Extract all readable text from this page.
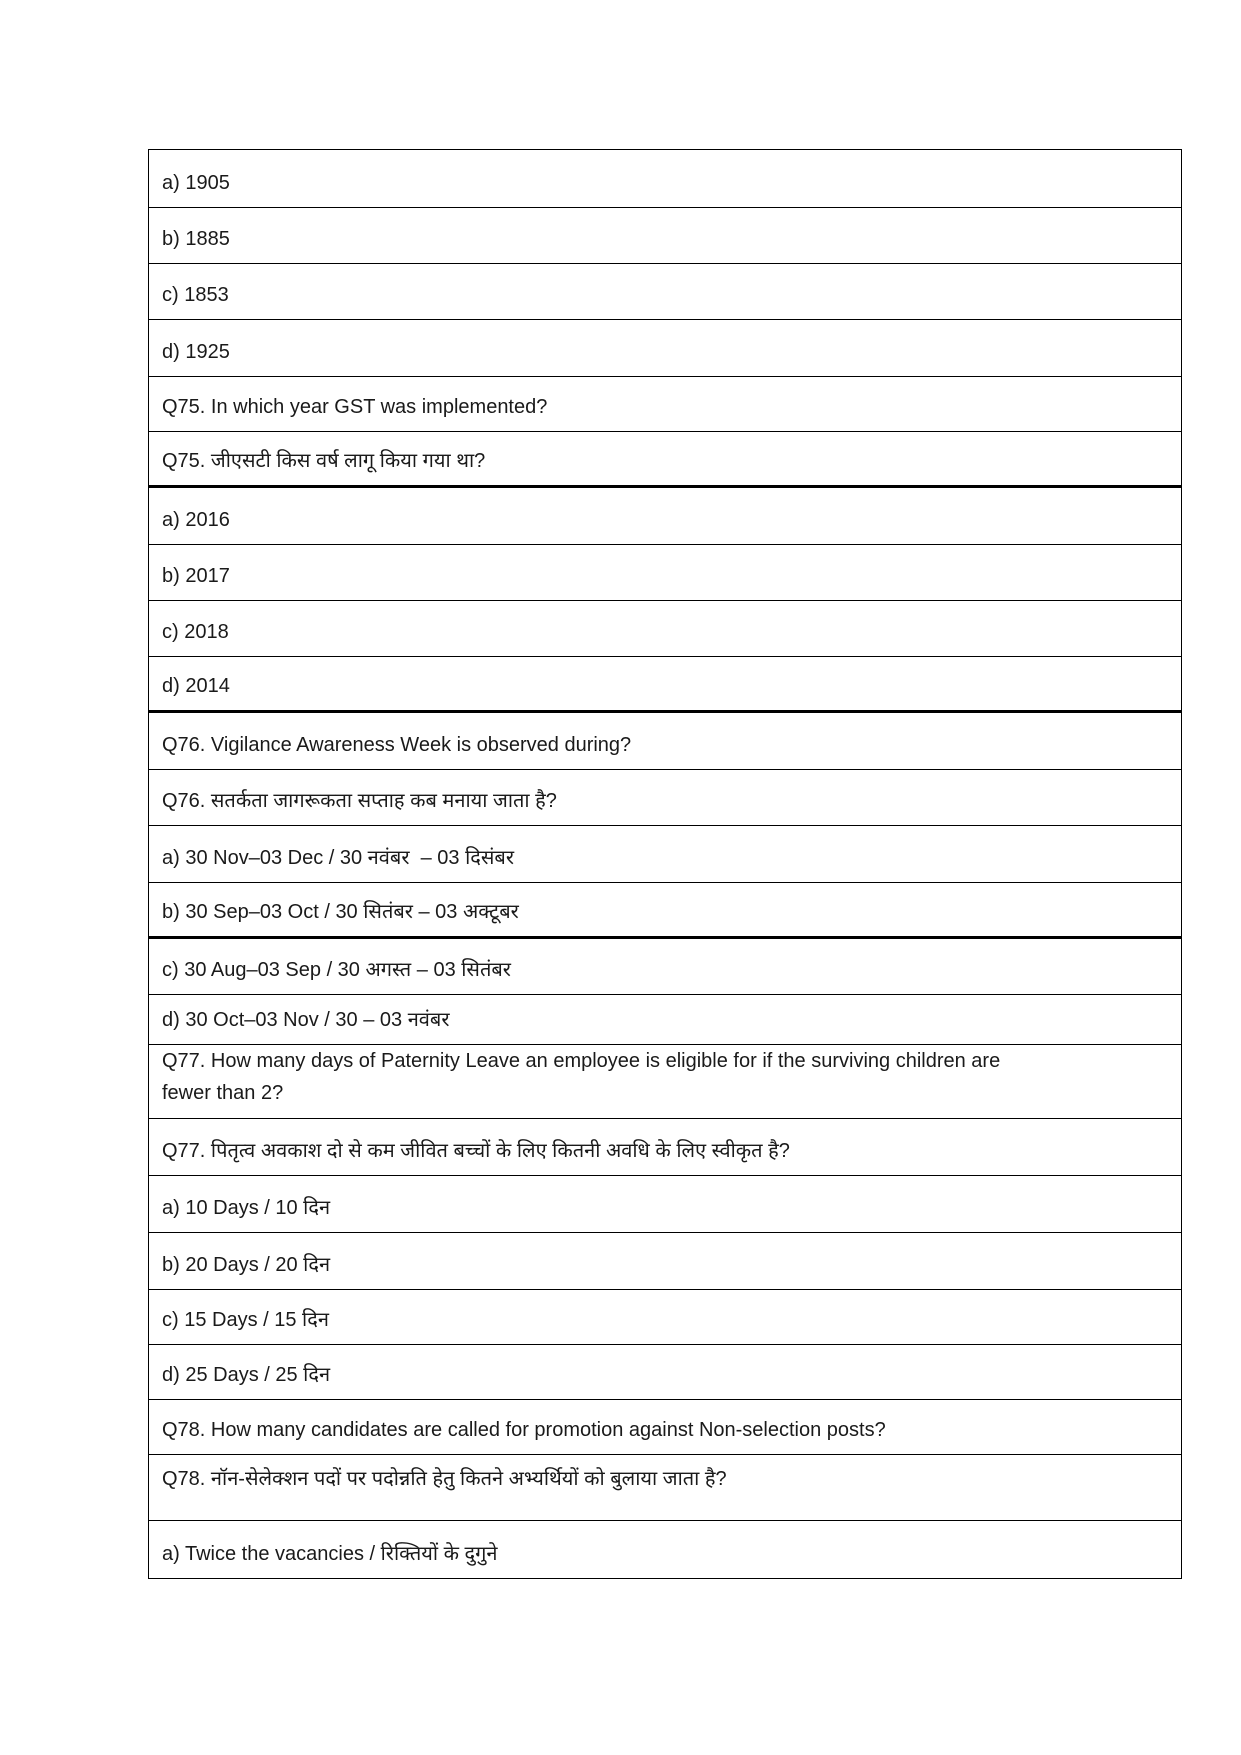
a) 1905
b) 1885
c) 1853
d) 1925
Q75. In which year GST was implemented?
Q75. जीएसटी किस वर्ष लागू किया गया था?
a) 2016
b) 2017
c) 2018
d) 2014
Q76. Vigilance Awareness Week is observed during?
Q76. सतर्कता जागरूकता सप्ताह कब मनाया जाता है?
a) 30 Nov–03 Dec / 30 नवंबर  – 03 दिसंबर
b) 30 Sep–03 Oct / 30 सितंबर – 03 अक्टूबर
c) 30 Aug–03 Sep / 30 अगस्त – 03 सितंबर
d) 30 Oct–03 Nov / 30 – 03 नवंबर
Q77. How many days of Paternity Leave an employee is eligible for if the surviving children are fewer than 2?
Q77. पितृत्व अवकाश दो से कम जीवित बच्चों के लिए कितनी अवधि के लिए स्वीकृत है?
a) 10 Days / 10 दिन
b) 20 Days / 20 दिन
c) 15 Days / 15 दिन
d) 25 Days / 25 दिन
Q78. How many candidates are called for promotion against Non-selection posts?
Q78. नॉन-सेलेक्शन पदों पर पदोन्नति हेतु कितने अभ्यर्थियों को बुलाया जाता है?
a) Twice the vacancies / रिक्तियों के दुगुने
